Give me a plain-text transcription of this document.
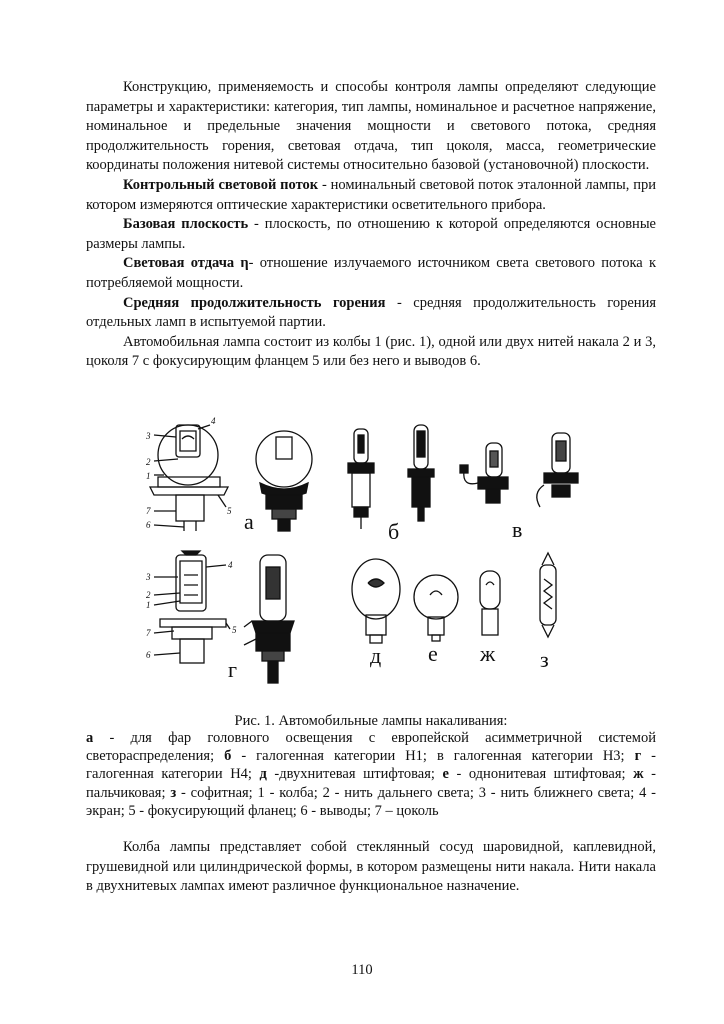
Конструкцию, применяемость и способы контроля лампы определяют следующие параметры и характеристики: категория, тип лампы, номинальное и расчетное напряжение, номинальное и предельные значения мощности и светового потока, средняя продолжительность горения, световая отдача, тип цоколя, масса, геометрические координаты положения нитевой системы относительно базовой (установочной) плоскости.

Контрольный световой поток - номинальный световой поток эталонной лампы, при котором измеряются оптические характеристики осветительного прибора.

Базовая плоскость - плоскость, по отношению к которой определяются основные размеры лампы.

Световая отдача η- отношение излучаемого источником света светового потока к потребляемой мощности.

Средняя продолжительность горения - средняя продолжительность горения отдельных ламп в испытуемой партии.

Автомобильная лампа состоит из колбы 1 (рис. 1), одной или двух нитей накала 2 и 3, цоколя 7 с фокусирующим фланцем 5 или без него и выводов 6.

а	б	в
г
д е ж з
3
2
1
7
6
4
5
3
2
1
7
6
4
5
Рис. 1. Автомобильные лампы накаливания:
а - для фар головного освещения с европейской асимметричной системой светораспределения; б - галогенная категории Н1; в галогенная категории Н3; г - галогенная категории Н4; д -двухнитевая штифтовая; е - однонитевая штифтовая; ж - пальчиковая; з - софитная; 1 - колба; 2 - нить дальнего света; 3 - нить ближнего света; 4 - экран; 5 - фокусирующий фланец; 6 - выводы; 7 – цоколь

Колба лампы представляет собой стеклянный сосуд шаровидной, каплевидной, грушевидной или цилиндрической формы, в котором размещены нити накала. Нити накала в двухнитевых лампах имеют различное функциональное назначение.

110
